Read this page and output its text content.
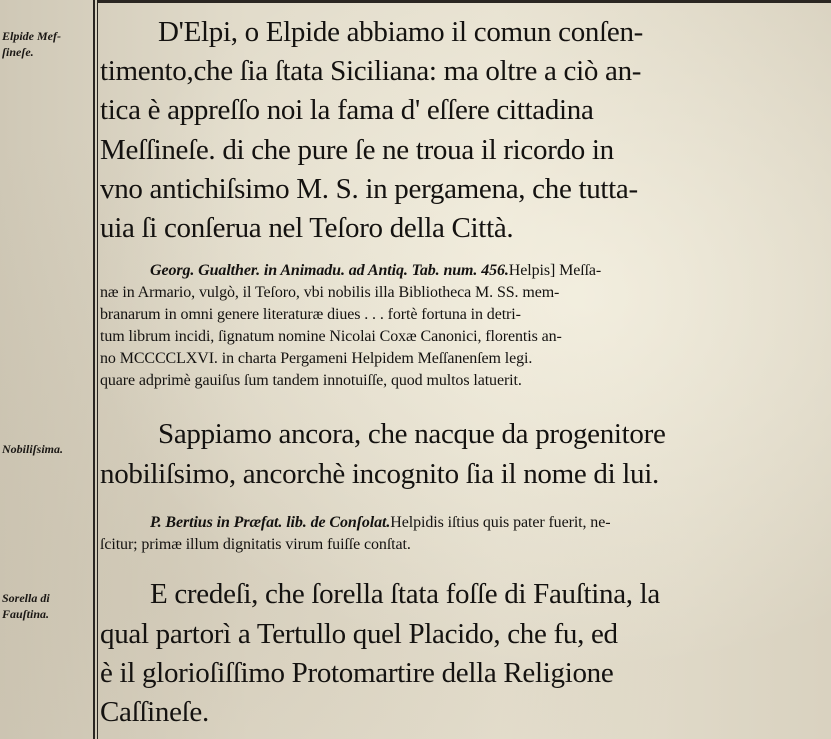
Elpide Mef-
ſineſe.
Nobiliſsima.
Sorella di
Fauſtina.
D'Elpi, o Elpide abbiamo il comun conſen-
timento,che ſia ſtata Siciliana: ma oltre a ciò an-
tica è appreſſo noi la fama d' eſſere cittadina
Meſſineſe. di che pure ſe ne troua il ricordo in
vno antichiſsimo M. S. in pergamena, che tutta-
uia ſi conſerua nel Teſoro della Città.
Georg. Gualther. in Animadu. ad Antiq. Tab. num. 456.Helpis] Meſſa-
næ in Armario, vulgò, il Teſoro, vbi nobilis illa Bibliotheca M. SS. mem-
branarum in omni genere literaturæ diues . . . fortè fortuna in detri-
tum librum incidi, ſignatum nomine Nicolai Coxæ Canonici, florentis an-
no MCCCCLXVI. in charta Pergameni Helpidem Meſſanenſem legi.
quare adprimè gauiſus ſum tandem innotuiſſe, quod multos latuerit.
Sappiamo ancora, che nacque da progenitore
nobiliſsimo, ancorchè incognito ſia il nome di lui.
P. Bertius in Præfat. lib. de Conſolat.Helpidis iſtius quis pater fuerit, ne-
ſcitur; primæ illum dignitatis virum fuiſſe conſtat.
E credeſi, che ſorella ſtata foſſe di Fauſtina, la
qual partorì a Tertullo quel Placido, che fu, ed
è il glorioſiſſimo Protomartire della Religione
Caſſineſe.
